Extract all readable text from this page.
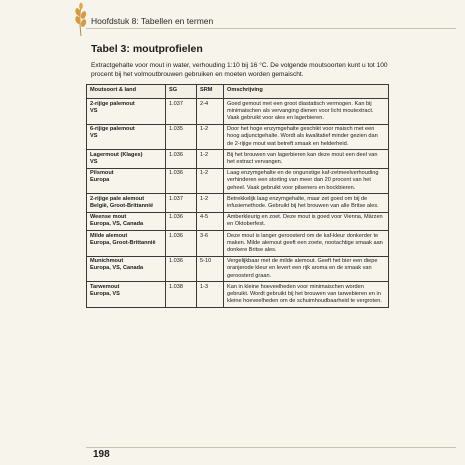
Hoofdstuk 8: Tabellen en termen
Tabel 3: moutprofielen
Extractgehalte voor mout in water, verhouding 1:10 bij 16 °C. De volgende moutsoorten kunt u tot 100 procent bij het volmoutbrouwen gebruiken en moeten worden gemaischt.
Moutsoort & land	SG	SRM	Omschrijving

2-rijige palemout
VS	1.037	2-4	Goed gemout met een groot diastatisch vermogen. Kan bij minimaischen als vervanging dienen voor licht moutextract. Vaak gebruikt voor ales en lagerbieren.

6-rijige palemout
VS	1.035	1-2	Door het hoge enzymgehalte geschikt voor maisch met een hoog adjunctgehalte. Wordt als kwalitatief minder gezien dan de 2-rijige mout wat betreft smaak en helderheid.

Lagermout (Klages)
VS	1.036	1-2	Bij het brouwen van lagerbieren kan deze mout een deel van het extract vervangen.

Pilsmout
Europa	1.036	1-2	Laag enzymgehalte en de ongunstige kaf-zetmeelverhouding verhinderen een storting van meer dan 20 procent van het geheel. Vaak gebruikt voor pilseners en bockbieren.

2-rijige pale alemout
België, Groot-Brittannië	1.037	1-2	Betrekkelijk laag enzymgehalte, maar zet goed om bij de infusiemethode. Gebruikt bij het brouwen van alle Britse ales.

Weense mout
Europa, VS, Canada	1.036	4-5	Amberkleurig en zoet. Deze mout is goed voor Vienna, Märzen en Oktoberfest.

Milde alemout
Europa, Groot-Brittannië	1.036	3-6	Deze mout is langer geroosterd om de kaf-kleur donkerder te maken. Milde alemout geeft een zoete, nootachtige smaak aan donkere Britse ales.

Munichmout
Europa, VS, Canada	1.036	5-10	Vergelijkbaar met de milde alemout. Geeft het bier een diepe oranjerode kleur en levert een rijk aroma en de smaak van geroosterd graan.

Tarwemout
Europa, VS	1.038	1-3	Kan in kleine hoeveelheden voor minimaischen worden gebruikt. Wordt gebruikt bij het brouwen van tarwebieren en in kleine hoeveelheden om de schuimhoudbaarheid te vergroten.
198
